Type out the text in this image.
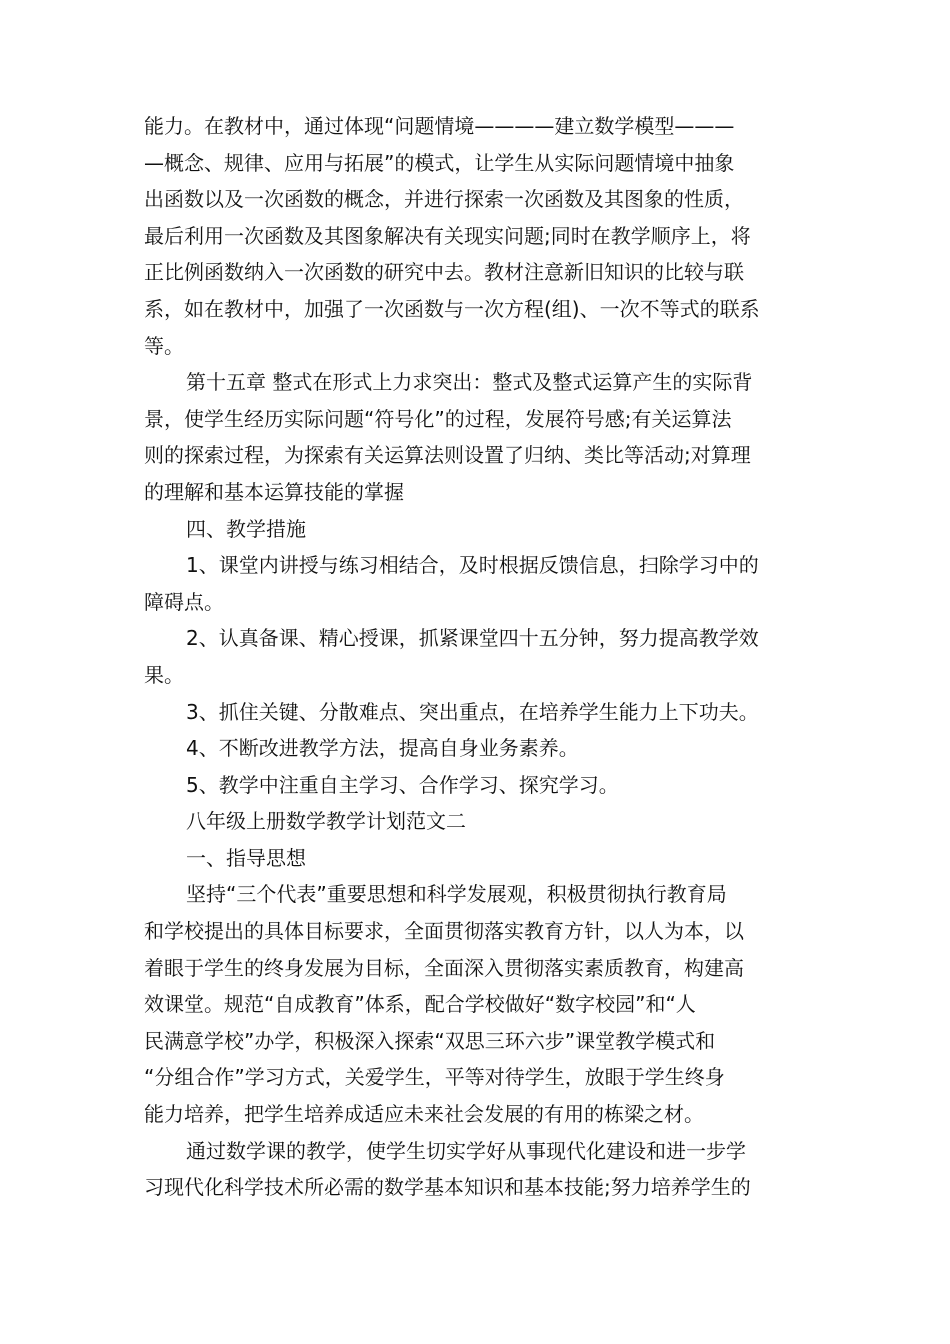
能力。在教材中，通过体现“问题情境————建立数学模型———
—概念、规律、应用与拓展”的模式，让学生从实际问题情境中抽象
出函数以及一次函数的概念，并进行探索一次函数及其图象的性质，
最后利用一次函数及其图象解决有关现实问题;同时在教学顺序上，将
正比例函数纳入一次函数的研究中去。教材注意新旧知识的比较与联
系，如在教材中，加强了一次函数与一次方程(组)、一次不等式的联系
等。
第十五章 整式在形式上力求突出：整式及整式运算产生的实际背
景，使学生经历实际问题“符号化”的过程，发展符号感;有关运算法
则的探索过程，为探索有关运算法则设置了归纳、类比等活动;对算理
的理解和基本运算技能的掌握
四、教学措施
1、课堂内讲授与练习相结合，及时根据反馈信息，扫除学习中的
障碍点。
2、认真备课、精心授课，抓紧课堂四十五分钟，努力提高教学效
果。
3、抓住关键、分散难点、突出重点，在培养学生能力上下功夫。
4、不断改进教学方法，提高自身业务素养。
5、教学中注重自主学习、合作学习、探究学习。
八年级上册数学教学计划范文二
一、指导思想
坚持“三个代表”重要思想和科学发展观，积极贯彻执行教育局
和学校提出的具体目标要求，全面贯彻落实教育方针，以人为本，以
着眼于学生的终身发展为目标，全面深入贯彻落实素质教育，构建高
效课堂。规范“自成教育”体系，配合学校做好“数字校园”和“人
民满意学校”办学，积极深入探索“双思三环六步”课堂教学模式和
“分组合作”学习方式，关爱学生，平等对待学生，放眼于学生终身
能力培养，把学生培养成适应未来社会发展的有用的栋梁之材。
通过数学课的教学，使学生切实学好从事现代化建设和进一步学
习现代化科学技术所必需的数学基本知识和基本技能;努力培养学生的
